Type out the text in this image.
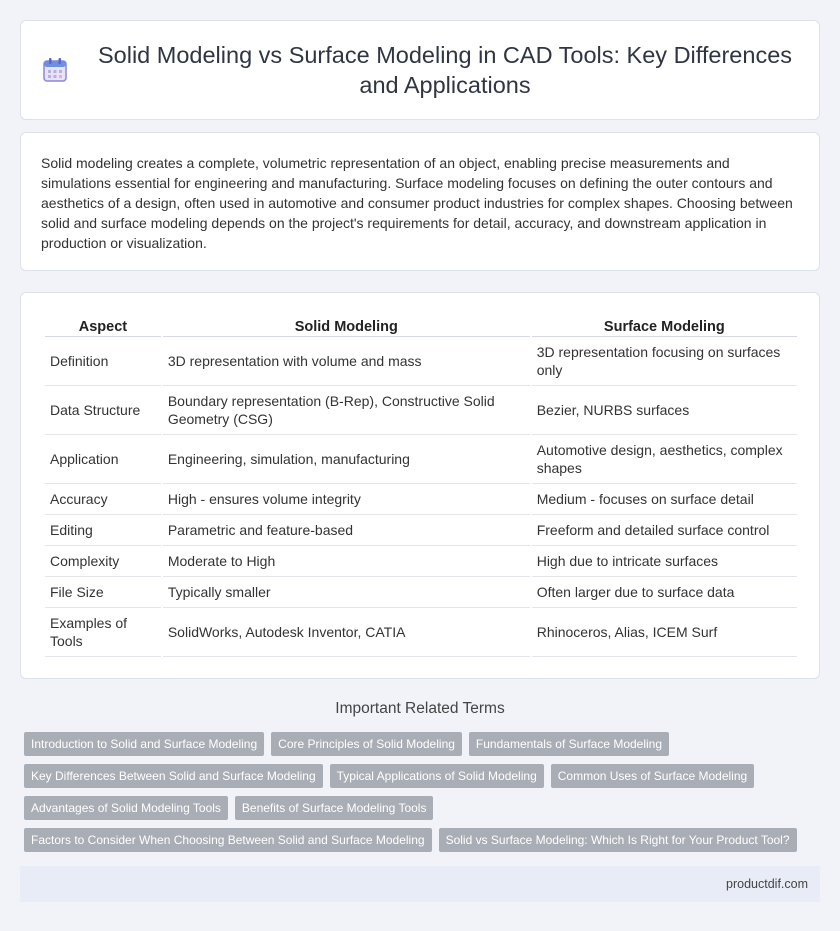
Solid Modeling vs Surface Modeling in CAD Tools: Key Differences and Applications

Solid modeling creates a complete, volumetric representation of an object, enabling precise measurements and simulations essential for engineering and manufacturing. Surface modeling focuses on defining the outer contours and aesthetics of a design, often used in automotive and consumer product industries for complex shapes. Choosing between solid and surface modeling depends on the project's requirements for detail, accuracy, and downstream application in production or visualization.

Aspect	Solid Modeling	Surface Modeling
Definition	3D representation with volume and mass	3D representation focusing on surfaces only
Data Structure	Boundary representation (B-Rep), Constructive Solid Geometry (CSG)	Bezier, NURBS surfaces
Application	Engineering, simulation, manufacturing	Automotive design, aesthetics, complex shapes
Accuracy	High - ensures volume integrity	Medium - focuses on surface detail
Editing	Parametric and feature-based	Freeform and detailed surface control
Complexity	Moderate to High	High due to intricate surfaces
File Size	Typically smaller	Often larger due to surface data
Examples of Tools	SolidWorks, Autodesk Inventor, CATIA	Rhinoceros, Alias, ICEM Surf
Important Related Terms
Introduction to Solid and Surface Modeling	Core Principles of Solid Modeling	Fundamentals of Surface Modeling
Key Differences Between Solid and Surface Modeling	Typical Applications of Solid Modeling	Common Uses of Surface Modeling
Advantages of Solid Modeling Tools	Benefits of Surface Modeling Tools
Factors to Consider When Choosing Between Solid and Surface Modeling	Solid vs Surface Modeling: Which Is Right for Your Product Tool?
productdif.com
